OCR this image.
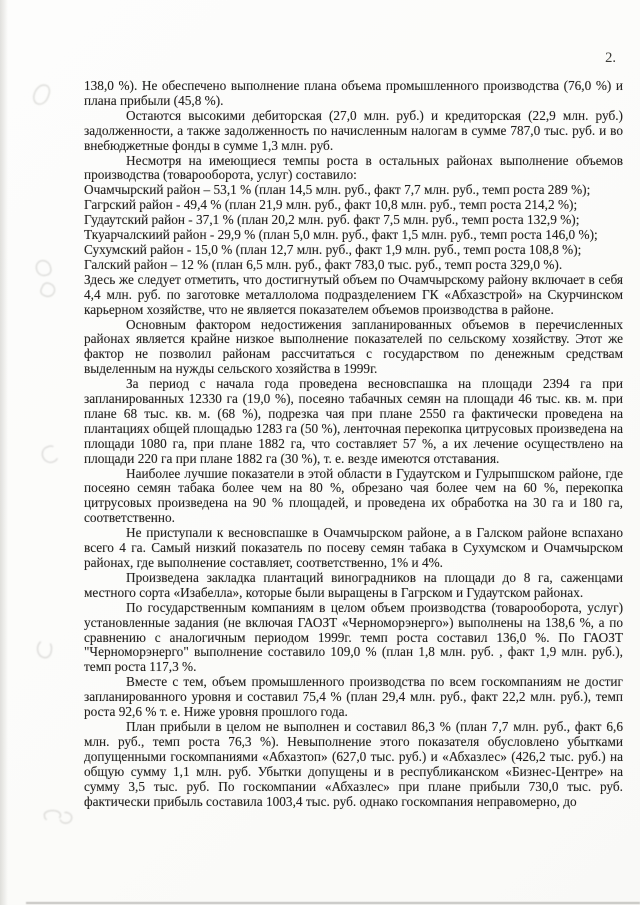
2.

138,0 %). Не обеспечено выполнение плана объема промышленного производства (76,0 %) и плана прибыли (45,8 %).

Остаются высокими дебиторская (27,0 млн. руб.) и кредиторская (22,9 млн. руб.) задолженности, а также задолженность по начисленным налогам в сумме 787,0 тыс. руб. и во внебюджетные фонды в сумме 1,3 млн. руб.

Несмотря на имеющиеся темпы роста в остальных районах выполнение объемов производства (товарооборота, услуг) составило:

Очамчырский район – 53,1 % (план 14,5 млн. руб., факт 7,7 млн. руб., темп роста 289 %);

Гагрский район - 49,4 % (план 21,9 млн. руб., факт 10,8 млн. руб., темп роста 214,2 %);

Гудаутский район - 37,1 % (план 20,2 млн. руб. факт 7,5 млн. руб., темп роста 132,9 %);

Ткуарчалскиий район - 29,9 % (план 5,0 млн. руб., факт 1,5 млн. руб., темп роста 146,0 %);

Сухумский район - 15,0 % (план 12,7 млн. руб., факт 1,9 млн. руб., темп роста 108,8 %);

Галский район – 12 % (план 6,5 млн. руб., факт 783,0 тыс. руб., темп роста 329,0 %).

Здесь же следует отметить, что достигнутый объем по Очамчырскому району включает в себя 4,4 млн. руб. по заготовке металлолома подразделением ГК «Абхазстрой» на Скурчинском карьерном хозяйстве, что не является показателем объемов производства в районе.

Основным фактором недостижения запланированных объемов в перечисленных районах является крайне низкое выполнение показателей по сельскому хозяйству. Этот же фактор не позволил районам рассчитаться с государством по денежным средствам выделенным на нужды сельского хозяйства в 1999г.

За период с начала года проведена весновспашка на площади 2394 га при запланированных 12330 га (19,0 %), посеяно табачных семян на площади 46 тыс. кв. м. при плане 68 тыс. кв. м. (68 %), подрезка чая при плане 2550 га фактически проведена на плантациях общей площадью 1283 га (50 %), ленточная перекопка цитрусовых произведена на площади 1080 га, при плане 1882 га, что составляет 57 %, а их лечение осуществлено на площади 220 га при плане 1882 га (30 %), т. е. везде имеются отставания.

Наиболее лучшие показатели в этой области в Гудаутском и Гулрыпшском районе, где посеяно семян табака более чем на 80 %, обрезано чая более чем на 60 %, перекопка цитрусовых произведена на 90 % площадей, и проведена их обработка на 30 га и 180 га, соответственно.

Не приступали к весновспашке в Очамчырском районе, а в Галском районе вспахано всего 4 га. Самый низкий показатель по посеву семян табака в Сухумском и Очамчырском районах, где выполнение составляет, соответственно, 1% и 4%.

Произведена закладка плантаций виноградников на площади до 8 га, саженцами местного сорта «Изабелла», которые были выращены в Гагрском и Гудаутском районах.

По государственным компаниям в целом объем производства (товарооборота, услуг) установленные задания (не включая ГАОЗТ «Черноморэнерго») выполнены на 138,6 %, а по сравнению с аналогичным периодом 1999г. темп роста составил 136,0 %. По ГАОЗТ "Черноморэнерго" выполнение составило 109,0 % (план 1,8 млн. руб. , факт 1,9 млн. руб.), темп роста 117,3 %.

Вместе с тем, объем промышленного производства по всем госкомпаниям не достиг запланированного уровня и составил 75,4 % (план 29,4 млн. руб., факт 22,2 млн. руб.), темп роста 92,6 % т. е. Ниже уровня прошлого года.

План прибыли в целом не выполнен и составил 86,3 % (план 7,7 млн. руб., факт 6,6 млн. руб., темп роста 76,3 %). Невыполнение этого показателя обусловлено убытками допущенными госкомпаниями «Абхазтоп» (627,0 тыс. руб.) и «Абхазлес» (426,2 тыс. руб.) на общую сумму 1,1 млн. руб. Убытки допущены и в республиканском «Бизнес-Центре» на сумму 3,5 тыс. руб. По госкомпании «Абхазлес» при плане прибыли 730,0 тыс. руб. фактически прибыль составила 1003,4 тыс. руб. однако госкомпания неправомерно, до
